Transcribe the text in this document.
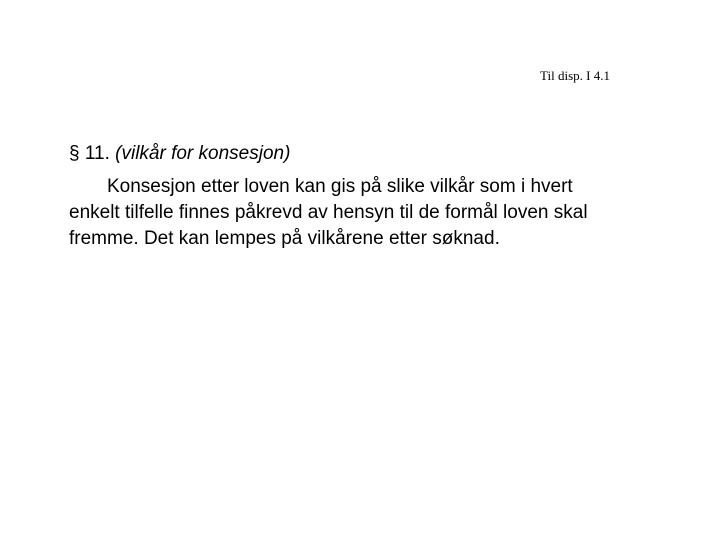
Til disp. I 4.1
§ 11. (vilkår for konsesjon)
Konsesjon etter loven kan gis på slike vilkår som i hvert
enkelt tilfelle finnes påkrevd av hensyn til de formål loven skal
fremme. Det kan lempes på vilkårene etter søknad.
